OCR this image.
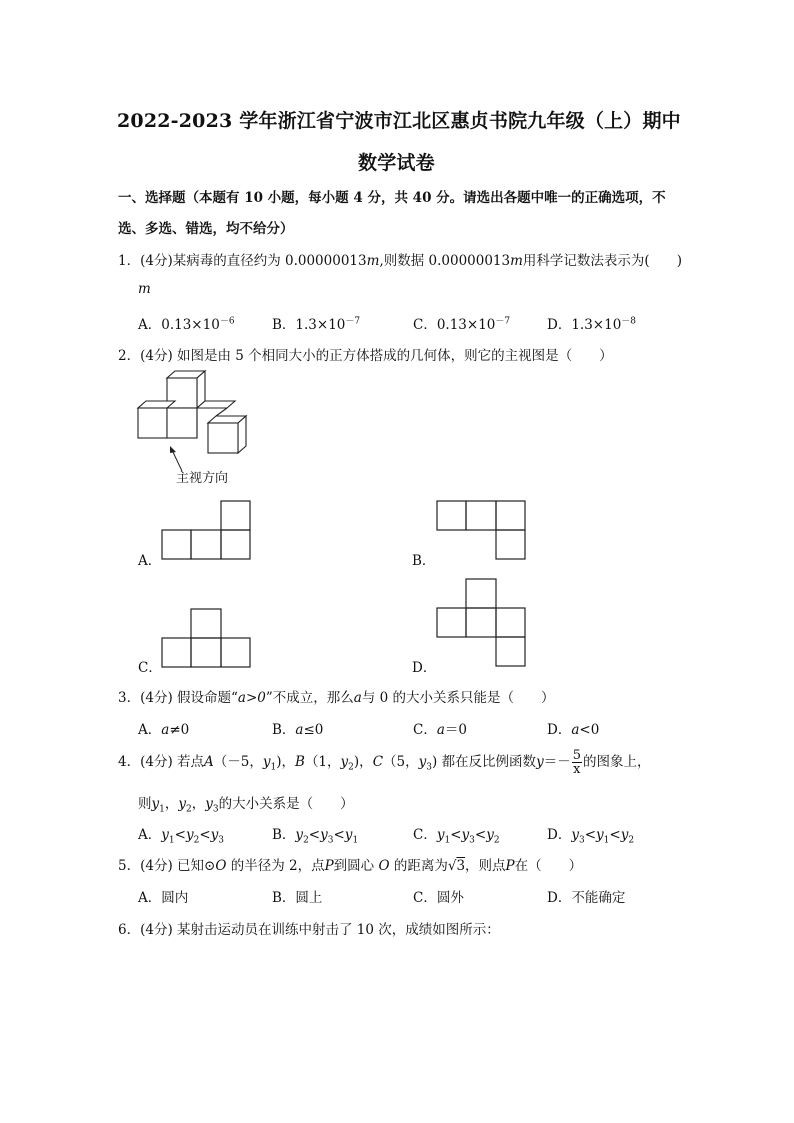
2022-2023 学年浙江省宁波市江北区惠贞书院九年级（上）期中
数学试卷
一、选择题（本题有 10 小题，每小题 4 分，共 40 分。请选出各题中唯一的正确选项，不
选、多选、错选，均不给分）
1．(4分)某病毒的直径约为 0.00000013m,则数据 0.00000013m用科学记数法表示为(　　)
m
A．$0.13\times 10^{-6}$	B．$1.3\times 10^{-7}$	C．$0.13\times 10^{-7}$	D．$1.3\times 10^{-8}$
2．(4分) 如图是由 5 个相同大小的正方体搭成的几何体，则它的主视图是（　　）
主视方向
A．	B．
C．	D．
3．(4分) 假设命题“a>0”不成立，那么a与 0 的大小关系只能是（　　）
A．a≠0	B．a≤0	C．a＝0	D．a<0
4．(4分) 若点A（－5，$y_1$)，B（1，$y_2$)，C（5，$y_3$) 都在反比例函数$y=- \frac{5}{x}$ 的图象上，
则$y_1$，$y_2$，$y_3$的大小关系是（　　）
A．$y_1<y_2<y_3$	B．$y_2<y_3<y_1$	C．$y_1<y_3<y_2$	D．$y_3<y_1<y_2$
5．(4分) 已知⊙O 的半径为 2，点P到圆心 O 的距离为√3，则点P在（　　）
A．圆内	B．圆上	C．圆外	D．不能确定
6．(4分) 某射击运动员在训练中射击了 10 次，成绩如图所示：
